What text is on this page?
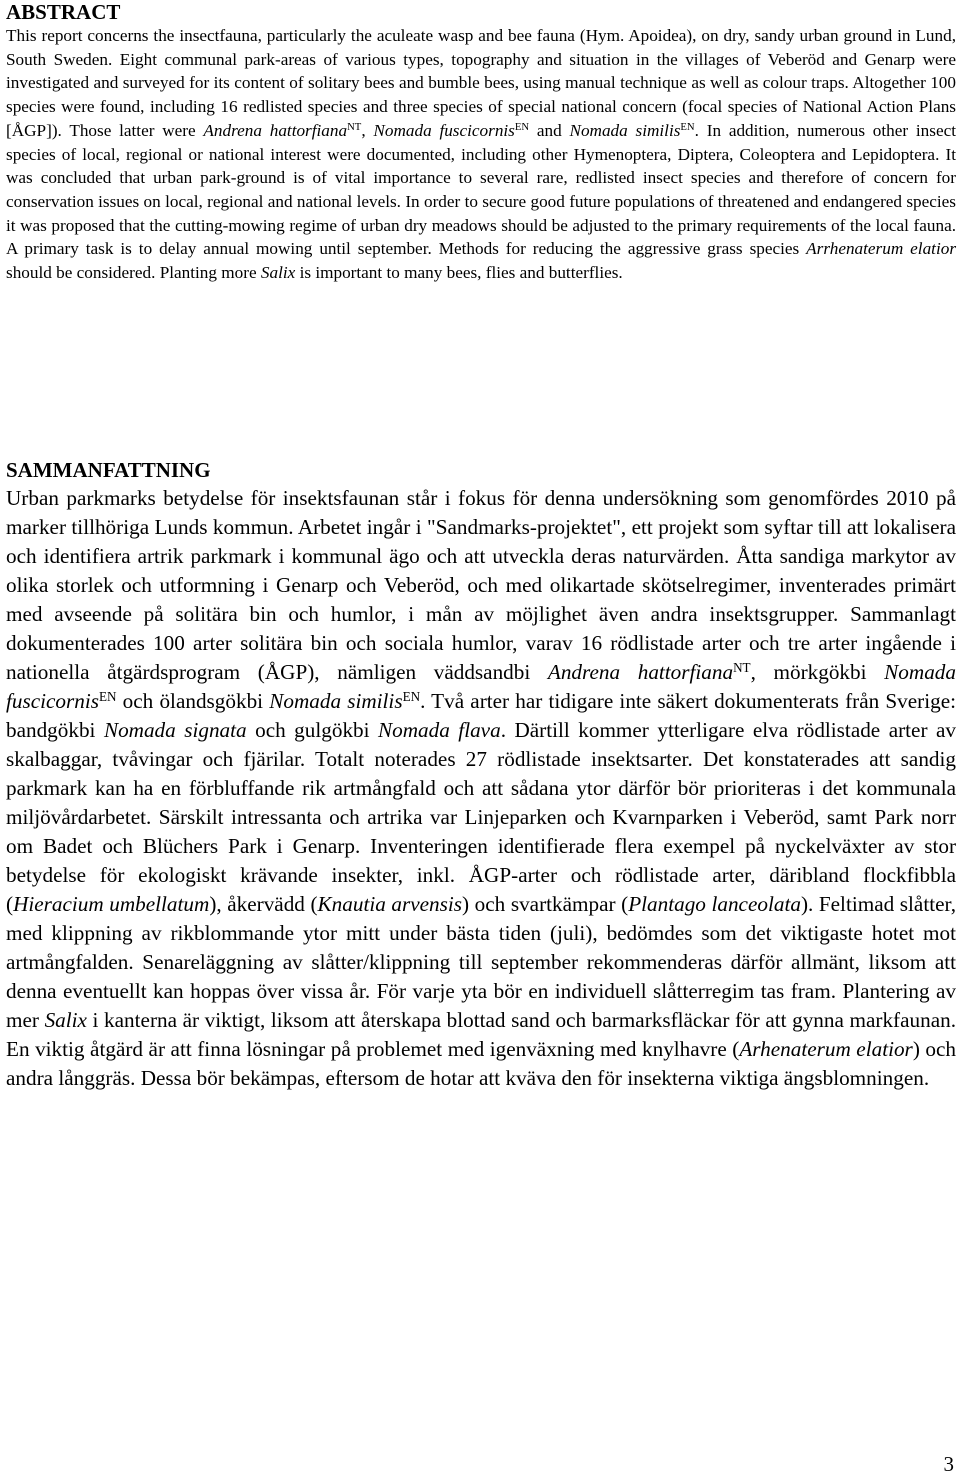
ABSTRACT

This report concerns the insectfauna, particularly the aculeate wasp and bee fauna (Hym. Apoidea), on dry, sandy urban ground in Lund, South Sweden. Eight communal park-areas of various types, topography and situation in the villages of Veberöd and Genarp were investigated and surveyed for its content of solitary bees and bumble bees, using manual technique as well as colour traps. Altogether 100 species were found, including 16 redlisted species and three species of special national concern (focal species of National Action Plans [ÅGP]). Those latter were Andrena hattorfiana$^{NT}$, Nomada fuscicornis$^{EN}$ and Nomada similis$^{EN}$. In addition, numerous other insect species of local, regional or national interest were documented, including other Hymenoptera, Diptera, Coleoptera and Lepidoptera. It was concluded that urban park-ground is of vital importance to several rare, redlisted insect species and therefore of concern for conservation issues on local, regional and national levels. In order to secure good future populations of threatened and endangered species it was proposed that the cutting-mowing regime of urban dry meadows should be adjusted to the primary requirements of the local fauna. A primary task is to delay annual mowing until september. Methods for reducing the aggressive grass species Arrhenaterum elatior should be considered. Planting more Salix is important to many bees, flies and butterflies.

SAMMANFATTNING

Urban parkmarks betydelse för insektsfaunan står i fokus för denna undersökning som genomfördes 2010 på marker tillhöriga Lunds kommun. Arbetet ingår i "Sandmarks-projektet", ett projekt som syftar till att lokalisera och identifiera artrik parkmark i kommunal ägo och att utveckla deras naturvärden. Åtta sandiga markytor av olika storlek och utformning i Genarp och Veberöd, och med olikartade skötselregimer, inventerades primärt med avseende på solitära bin och humlor, i mån av möjlighet även andra insektsgrupper. Sammanlagt dokumenterades 100 arter solitära bin och sociala humlor, varav 16 rödlistade arter och tre arter ingående i nationella åtgärdsprogram (ÅGP), nämligen väddsandbi Andrena hattorfiana$^{NT}$, mörkgökbi Nomada fuscicornis$^{EN}$ och ölandsgökbi Nomada similis$^{EN}$. Två arter har tidigare inte säkert dokumenterats från Sverige: bandgökbi Nomada signata och gulgökbi Nomada flava. Därtill kommer ytterligare elva rödlistade arter av skalbaggar, tvåvingar och fjärilar. Totalt noterades 27 rödlistade insektsarter. Det konstaterades att sandig parkmark kan ha en förbluffande rik artmångfald och att sådana ytor därför bör prioriteras i det kommunala miljövårdarbetet. Särskilt intressanta och artrika var Linjeparken och Kvarnparken i Veberöd, samt Park norr om Badet och Blüchers Park i Genarp. Inventeringen identifierade flera exempel på nyckelväxter av stor betydelse för ekologiskt krävande insekter, inkl. ÅGP-arter och rödlistade arter, däribland flockfibbla (Hieracium umbellatum), åkervädd (Knautia arvensis) och svartkämpar (Plantago lanceolata). Feltimad slåtter, med klippning av rikblommande ytor mitt under bästa tiden (juli), bedömdes som det viktigaste hotet mot artmångfalden. Senareläggning av slåtter/klippning till september rekommenderas därför allmänt, liksom att denna eventuellt kan hoppas över vissa år. För varje yta bör en individuell slåtterregim tas fram. Plantering av mer Salix i kanterna är viktigt, liksom att återskapa blottad sand och barmarksfläckar för att gynna markfaunan. En viktig åtgärd är att finna lösningar på problemet med igenväxning med knylhavre (Arhenaterum elatior) och andra långgräs. Dessa bör bekämpas, eftersom de hotar att kväva den för insekterna viktiga ängsblomningen.

3
